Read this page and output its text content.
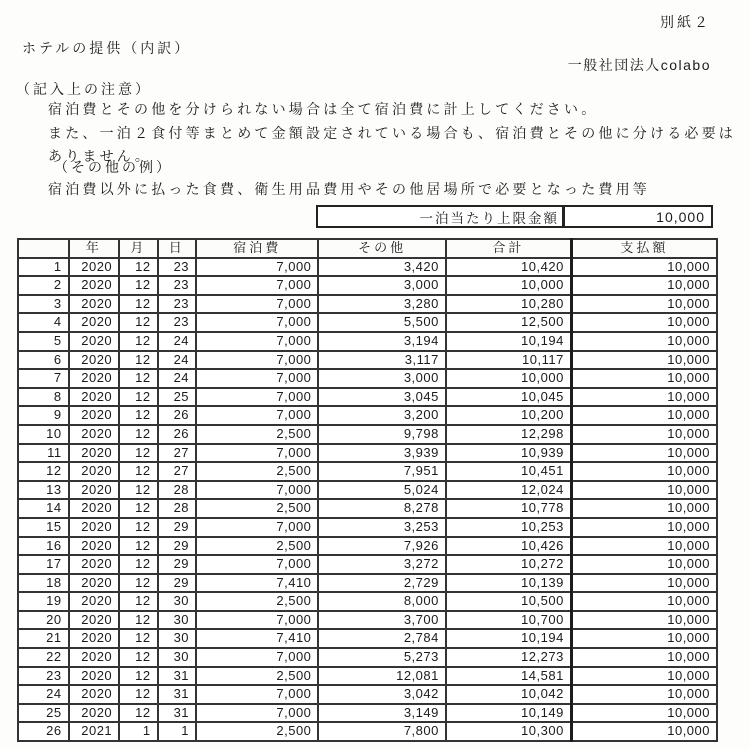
別紙２
ホテルの提供（内訳）
一般社団法人colabo
（記入上の注意）
宿泊費とその他を分けられない場合は全て宿泊費に計上してください。
また、一泊２食付等まとめて金額設定されている場合も、宿泊費とその他に分ける必要は
ありません。
（その他の例）
宿泊費以外に払った食費、衛生用品費用やその他居場所で必要となった費用等
一泊当たり上限金額	10,000
	年	月	日	宿泊費	その他	合計	支払額
1	2020	12	23	7,000	3,420	10,420	10,000
2	2020	12	23	7,000	3,000	10,000	10,000
3	2020	12	23	7,000	3,280	10,280	10,000
4	2020	12	23	7,000	5,500	12,500	10,000
5	2020	12	24	7,000	3,194	10,194	10,000
6	2020	12	24	7,000	3,117	10,117	10,000
7	2020	12	24	7,000	3,000	10,000	10,000
8	2020	12	25	7,000	3,045	10,045	10,000
9	2020	12	26	7,000	3,200	10,200	10,000
10	2020	12	26	2,500	9,798	12,298	10,000
11	2020	12	27	7,000	3,939	10,939	10,000
12	2020	12	27	2,500	7,951	10,451	10,000
13	2020	12	28	7,000	5,024	12,024	10,000
14	2020	12	28	2,500	8,278	10,778	10,000
15	2020	12	29	7,000	3,253	10,253	10,000
16	2020	12	29	2,500	7,926	10,426	10,000
17	2020	12	29	7,000	3,272	10,272	10,000
18	2020	12	29	7,410	2,729	10,139	10,000
19	2020	12	30	2,500	8,000	10,500	10,000
20	2020	12	30	7,000	3,700	10,700	10,000
21	2020	12	30	7,410	2,784	10,194	10,000
22	2020	12	30	7,000	5,273	12,273	10,000
23	2020	12	31	2,500	12,081	14,581	10,000
24	2020	12	31	7,000	3,042	10,042	10,000
25	2020	12	31	7,000	3,149	10,149	10,000
26	2021	1	1	2,500	7,800	10,300	10,000
